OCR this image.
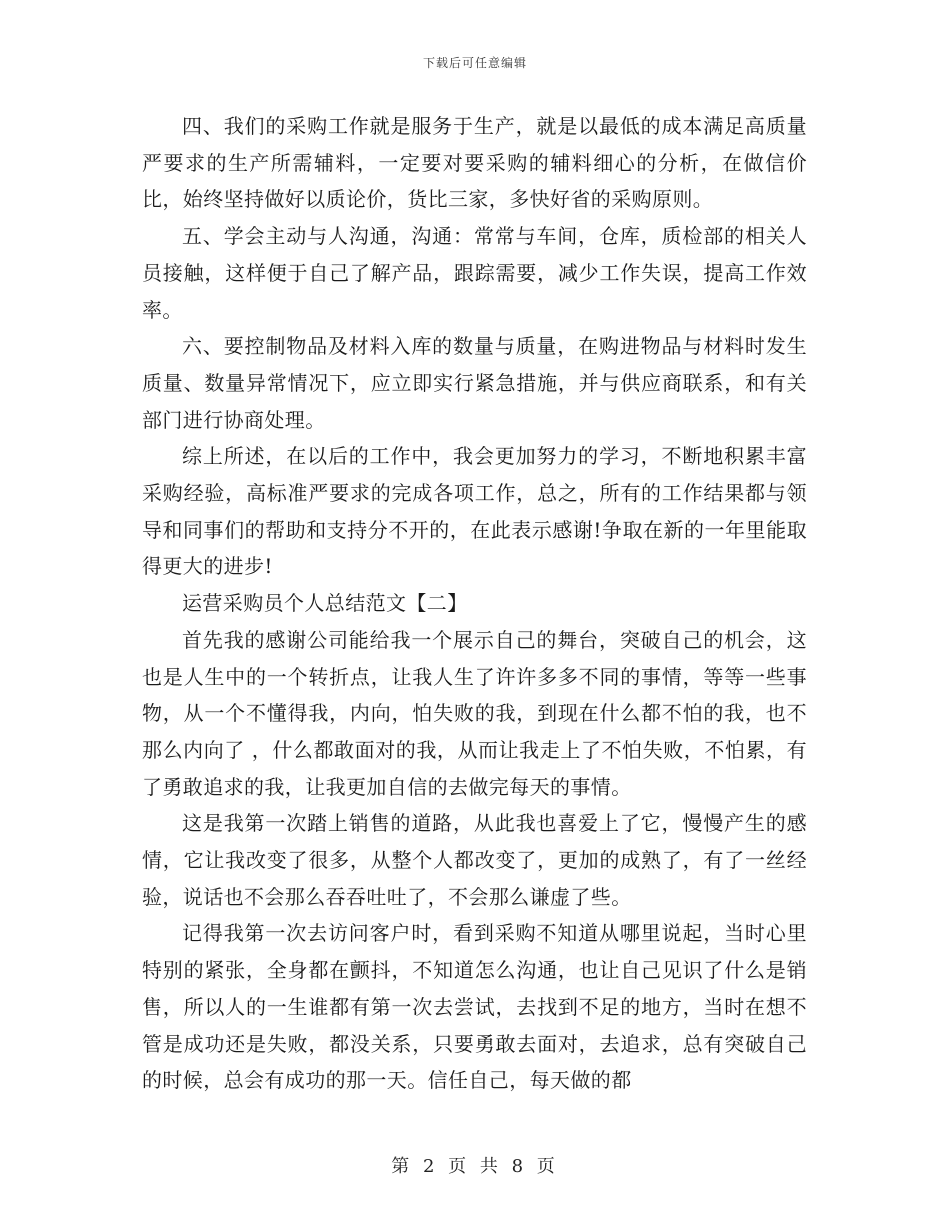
下载后可任意编辑

四、我们的采购工作就是服务于生产，就是以最低的成本满足高质量严要求的生产所需辅料，一定要对要采购的辅料细心的分析，在做信价比，始终坚持做好以质论价，货比三家，多快好省的采购原则。

五、学会主动与人沟通，沟通：常常与车间，仓库，质检部的相关人员接触，这样便于自己了解产品，跟踪需要，减少工作失误，提高工作效率。

六、要控制物品及材料入库的数量与质量，在购进物品与材料时发生质量、数量异常情况下，应立即实行紧急措施，并与供应商联系，和有关部门进行协商处理。

综上所述，在以后的工作中，我会更加努力的学习，不断地积累丰富采购经验，高标准严要求的完成各项工作，总之，所有的工作结果都与领导和同事们的帮助和支持分不开的，在此表示感谢!争取在新的一年里能取得更大的进步!

运营采购员个人总结范文【二】

首先我的感谢公司能给我一个展示自己的舞台，突破自己的机会，这也是人生中的一个转折点，让我人生了许许多多不同的事情，等等一些事物，从一个不懂得我，内向，怕失败的我，到现在什么都不怕的我，也不那么内向了 ，什么都敢面对的我，从而让我走上了不怕失败，不怕累，有了勇敢追求的我，让我更加自信的去做完每天的事情。

这是我第一次踏上销售的道路，从此我也喜爱上了它，慢慢产生的感情，它让我改变了很多，从整个人都改变了，更加的成熟了，有了一丝经验，说话也不会那么吞吞吐吐了，不会那么谦虚了些。

记得我第一次去访问客户时，看到采购不知道从哪里说起，当时心里特别的紧张，全身都在颤抖，不知道怎么沟通，也让自己见识了什么是销售，所以人的一生谁都有第一次去尝试，去找到不足的地方，当时在想不管是成功还是失败，都没关系，只要勇敢去面对，去追求，总有突破自己的时候，总会有成功的那一天。信任自己，每天做的都

第 2 页 共 8 页
